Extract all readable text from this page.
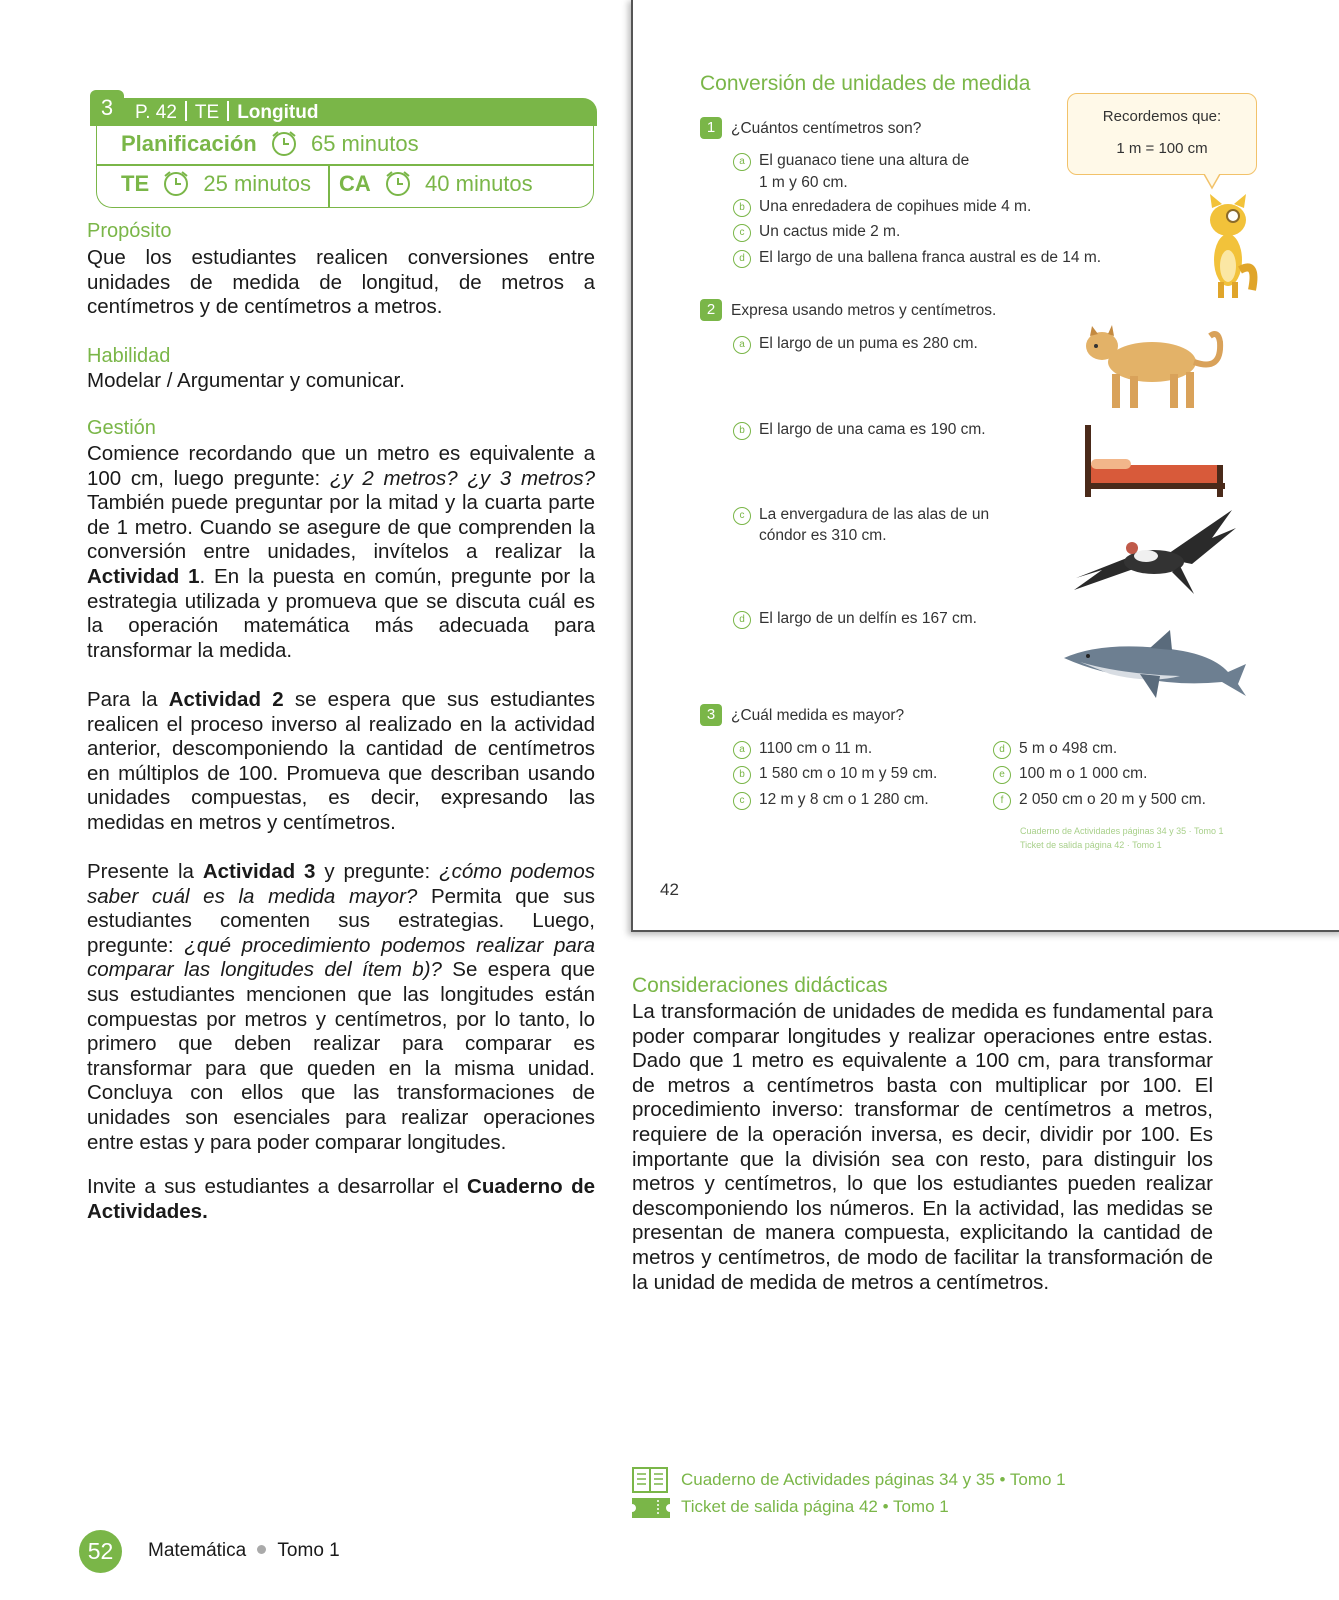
3	P. 42 TE Longitud
Planificación 65 minutos
TE 25 minutos CA 40 minutos
Propósito
Que los estudiantes realicen conversiones entre unidades de medida de longitud, de metros a centímetros y de centímetros a metros.
Habilidad
Modelar / Argumentar y comunicar.
Gestión
Comience recordando que un metro es equivalente a 100 cm, luego pregunte: ¿y 2 metros? ¿y 3 metros? También puede preguntar por la mitad y la cuarta parte de 1 metro. Cuando se asegure de que comprenden la conversión entre unidades, invítelos a realizar la Actividad 1. En la puesta en común, pregunte por la estrategia utilizada y promueva que se discuta cuál es la operación matemática más adecuada para transformar la medida.
Para la Actividad 2 se espera que sus estudiantes realicen el proceso inverso al realizado en la actividad anterior, descomponiendo la cantidad de centímetros en múltiplos de 100. Promueva que describan usando unidades compuestas, es decir, expresando las medidas en metros y centímetros.
Presente la Actividad 3 y pregunte: ¿cómo podemos saber cuál es la medida mayor? Permita que sus estudiantes comenten sus estrategias. Luego, pregunte: ¿qué procedimiento podemos realizar para comparar las longitudes del ítem b)? Se espera que sus estudiantes mencionen que las longitudes están compuestas por metros y centímetros, por lo tanto, lo primero que deben realizar para comparar es transformar para que queden en la misma unidad. Concluya con ellos que las transformaciones de unidades son esenciales para realizar operaciones entre estas y para poder comparar longitudes.
Invite a sus estudiantes a desarrollar el Cuaderno de Actividades.
Conversión de unidades de medida
Recordemos que:
1 m = 100 cm
1	¿Cuántos centímetros son?
a El guanaco tiene una altura de
1 m y 60 cm.
b Una enredadera de copihues mide 4 m.
c Un cactus mide 2 m.
d El largo de una ballena franca austral es de 14 m.
2	Expresa usando metros y centímetros.
a El largo de un puma es 280 cm.
b El largo de una cama es 190 cm.
c La envergadura de las alas de un
cóndor es 310 cm.
d El largo de un delfín es 167 cm.
3	¿Cuál medida es mayor?
a 1100 cm o 11 m.
b 1 580 cm o 10 m y 59 cm.
c 12 m y 8 cm o 1 280 cm.
d 5 m o 498 cm.
e 100 m o 1 000 cm.
f 2 050 cm o 20 m y 500 cm.
Cuaderno de Actividades páginas 34 y 35 · Tomo 1
Ticket de salida página 42 · Tomo 1
42
Consideraciones didácticas
La transformación de unidades de medida es fundamental para poder comparar longitudes y realizar operaciones entre estas. Dado que 1 metro es equivalente a 100 cm, para transformar de metros a centímetros basta con multiplicar por 100. El procedimiento inverso: transformar de centímetros a metros, requiere de la operación inversa, es decir, dividir por 100. Es importante que la división sea con resto, para distinguir los metros y centímetros, lo que los estudiantes pueden realizar descomponiendo los números. En la actividad, las medidas se presentan de manera compuesta, explicitando la cantidad de metros y centímetros, de modo de facilitar la transformación de la unidad de medida de metros a centímetros.
Cuaderno de Actividades páginas 34 y 35 • Tomo 1
Ticket de salida página 42 • Tomo 1
52	Matemática Tomo 1
